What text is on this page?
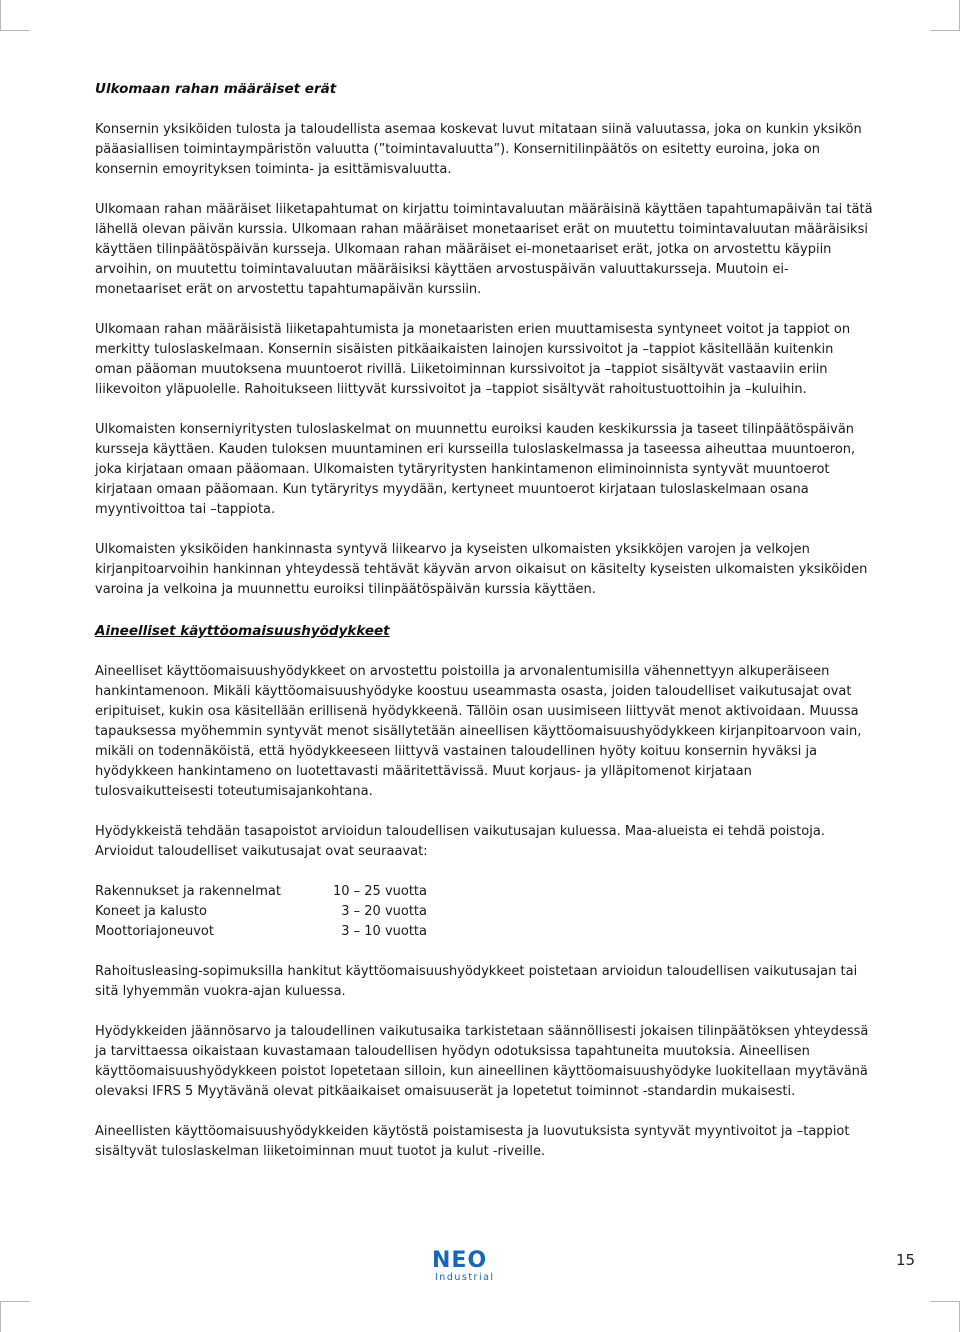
Ulkomaan rahan määräiset erät

Konsernin yksiköiden tulosta ja taloudellista asemaa koskevat luvut mitataan siinä valuutassa, joka on kunkin yksikön pääasiallisen toimintaympäristön valuutta (”toimintavaluutta”). Konsernitilinpäätös on esitetty euroina, joka on konsernin emoyrityksen toiminta- ja esittämisvaluutta.

Ulkomaan rahan määräiset liiketapahtumat on kirjattu toimintavaluutan määräisinä käyttäen tapahtumapäivän tai tätä lähellä olevan päivän kurssia. Ulkomaan rahan määräiset monetaariset erät on muutettu toimintavaluutan määräisiksi käyttäen tilinpäätöspäivän kursseja. Ulkomaan rahan määräiset ei-monetaariset erät, jotka on arvostettu käypiin arvoihin, on muutettu toimintavaluutan määräisiksi käyttäen arvostuspäivän valuuttakursseja. Muutoin ei-monetaariset erät on arvostettu tapahtumapäivän kurssiin.

Ulkomaan rahan määräisistä liiketapahtumista ja monetaaristen erien muuttamisesta syntyneet voitot ja tappiot on merkitty tuloslaskelmaan. Konsernin sisäisten pitkäaikaisten lainojen kurssivoitot ja –tappiot käsitellään kuitenkin oman pääoman muutoksena muuntoerot rivillä. Liiketoiminnan kurssivoitot ja –tappiot sisältyvät vastaaviin eriin liikevoiton yläpuolelle. Rahoitukseen liittyvät kurssivoitot ja –tappiot sisältyvät rahoitustuottoihin ja –kuluihin.

Ulkomaisten konserniyritysten tuloslaskelmat on muunnettu euroiksi kauden keskikurssia ja taseet tilinpäätöspäivän kursseja käyttäen. Kauden tuloksen muuntaminen eri kursseilla tuloslaskelmassa ja taseessa aiheuttaa muuntoeron, joka kirjataan omaan pääomaan. Ulkomaisten tytäryritysten hankintamenon eliminoinnista syntyvät muuntoerot kirjataan omaan pääomaan. Kun tytäryritys myydään, kertyneet muuntoerot kirjataan tuloslaskelmaan osana myyntivoittoa tai –tappiota.

Ulkomaisten yksiköiden hankinnasta syntyvä liikearvo ja kyseisten ulkomaisten yksikköjen varojen ja velkojen kirjanpitoarvoihin hankinnan yhteydessä tehtävät käyvän arvon oikaisut on käsitelty kyseisten ulkomaisten yksiköiden varoina ja velkoina ja muunnettu euroiksi tilinpäätöspäivän kurssia käyttäen.

Aineelliset käyttöomaisuushyödykkeet

Aineelliset käyttöomaisuushyödykkeet on arvostettu poistoilla ja arvonalentumisilla vähennettyyn alkuperäiseen hankintamenoon. Mikäli käyttöomaisuushyödyke koostuu useammasta osasta, joiden taloudelliset vaikutusajat ovat eripituiset, kukin osa käsitellään erillisenä hyödykkeenä. Tällöin osan uusimiseen liittyvät menot aktivoidaan. Muussa tapauksessa myöhemmin syntyvät menot sisällytetään aineellisen käyttöomaisuushyödykkeen kirjanpitoarvoon vain, mikäli on todennäköistä, että hyödykkeeseen liittyvä vastainen taloudellinen hyöty koituu konsernin hyväksi ja hyödykkeen hankintameno on luotettavasti määritettävissä. Muut korjaus- ja ylläpitomenot kirjataan tulosvaikutteisesti toteutumisajankohtana.

Hyödykkeistä tehdään tasapoistot arvioidun taloudellisen vaikutusajan kuluessa. Maa-alueista ei tehdä poistoja. Arvioidut taloudelliset vaikutusajat ovat seuraavat:

Rakennukset ja rakennelmat	10 – 25 vuotta
Koneet ja kalusto	3 – 20 vuotta
Moottoriajoneuvot	3 – 10 vuotta

Rahoitusleasing-sopimuksilla hankitut käyttöomaisuushyödykkeet poistetaan arvioidun taloudellisen vaikutusajan tai sitä lyhyemmän vuokra-ajan kuluessa.

Hyödykkeiden jäännösarvo ja taloudellinen vaikutusaika tarkistetaan säännöllisesti jokaisen tilinpäätöksen yhteydessä ja tarvittaessa oikaistaan kuvastamaan taloudellisen hyödyn odotuksissa tapahtuneita muutoksia. Aineellisen käyttöomaisuushyödykkeen poistot lopetetaan silloin, kun aineellinen käyttöomaisuushyödyke luokitellaan myytävänä olevaksi IFRS 5 Myytävänä olevat pitkäaikaiset omaisuuserät ja lopetetut toiminnot -standardin mukaisesti.

Aineellisten käyttöomaisuushyödykkeiden käytöstä poistamisesta ja luovutuksista syntyvät myyntivoitot ja –tappiot sisältyvät tuloslaskelman liiketoiminnan muut tuotot ja kulut -riveille.

NEO
Industrial
15
